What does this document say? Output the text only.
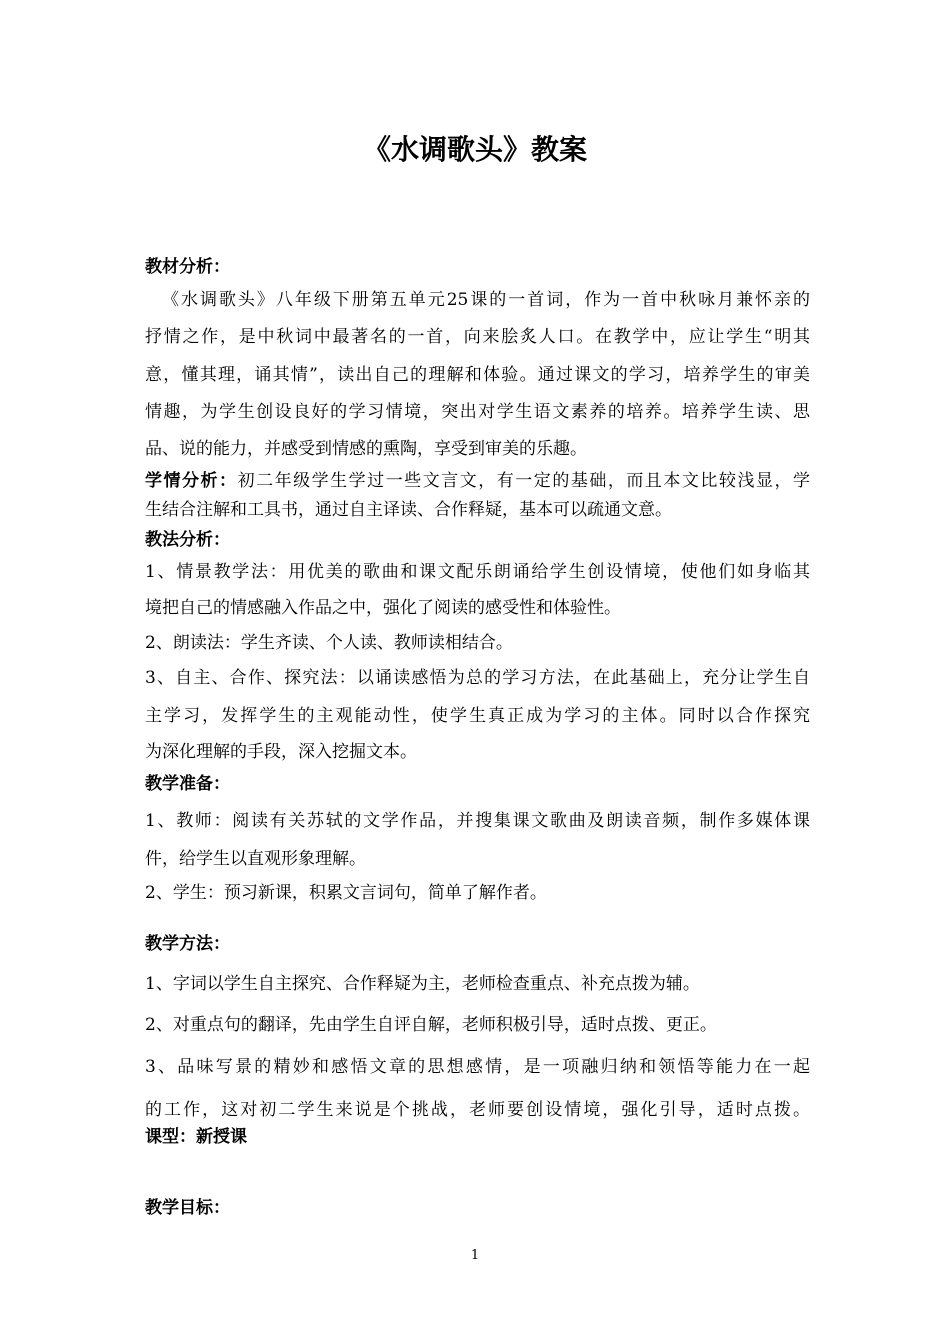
《水调歌头》教案
教材分析：
《水调歌头》八年级下册第五单元25课的一首词，作为一首中秋咏月兼怀亲的
抒情之作，是中秋词中最著名的一首，向来脍炙人口。在教学中，应让学生“明其
意，懂其理，诵其情”，读出自己的理解和体验。通过课文的学习，培养学生的审美
情趣，为学生创设良好的学习情境，突出对学生语文素养的培养。培养学生读、思
品、说的能力，并感受到情感的熏陶，享受到审美的乐趣。
学情分析：初二年级学生学过一些文言文，有一定的基础，而且本文比较浅显，学
生结合注解和工具书，通过自主译读、合作释疑，基本可以疏通文意。
教法分析：
1、情景教学法：用优美的歌曲和课文配乐朗诵给学生创设情境，使他们如身临其
境把自己的情感融入作品之中，强化了阅读的感受性和体验性。
2、朗读法：学生齐读、个人读、教师读相结合。
3、自主、合作、探究法：以诵读感悟为总的学习方法，在此基础上，充分让学生自
主学习，发挥学生的主观能动性，使学生真正成为学习的主体。同时以合作探究
为深化理解的手段，深入挖掘文本。
教学准备：
1、教师：阅读有关苏轼的文学作品，并搜集课文歌曲及朗读音频，制作多媒体课
件，给学生以直观形象理解。
2、学生：预习新课，积累文言词句，简单了解作者。
教学方法：
1、字词以学生自主探究、合作释疑为主，老师检查重点、补充点拨为辅。
2、对重点句的翻译，先由学生自评自解，老师积极引导，适时点拨、更正。
3、品味写景的精妙和感悟文章的思想感情，是一项融归纳和领悟等能力在一起
的工作，这对初二学生来说是个挑战，老师要创设情境，强化引导，适时点拨。
课型：新授课
教学目标：
1
